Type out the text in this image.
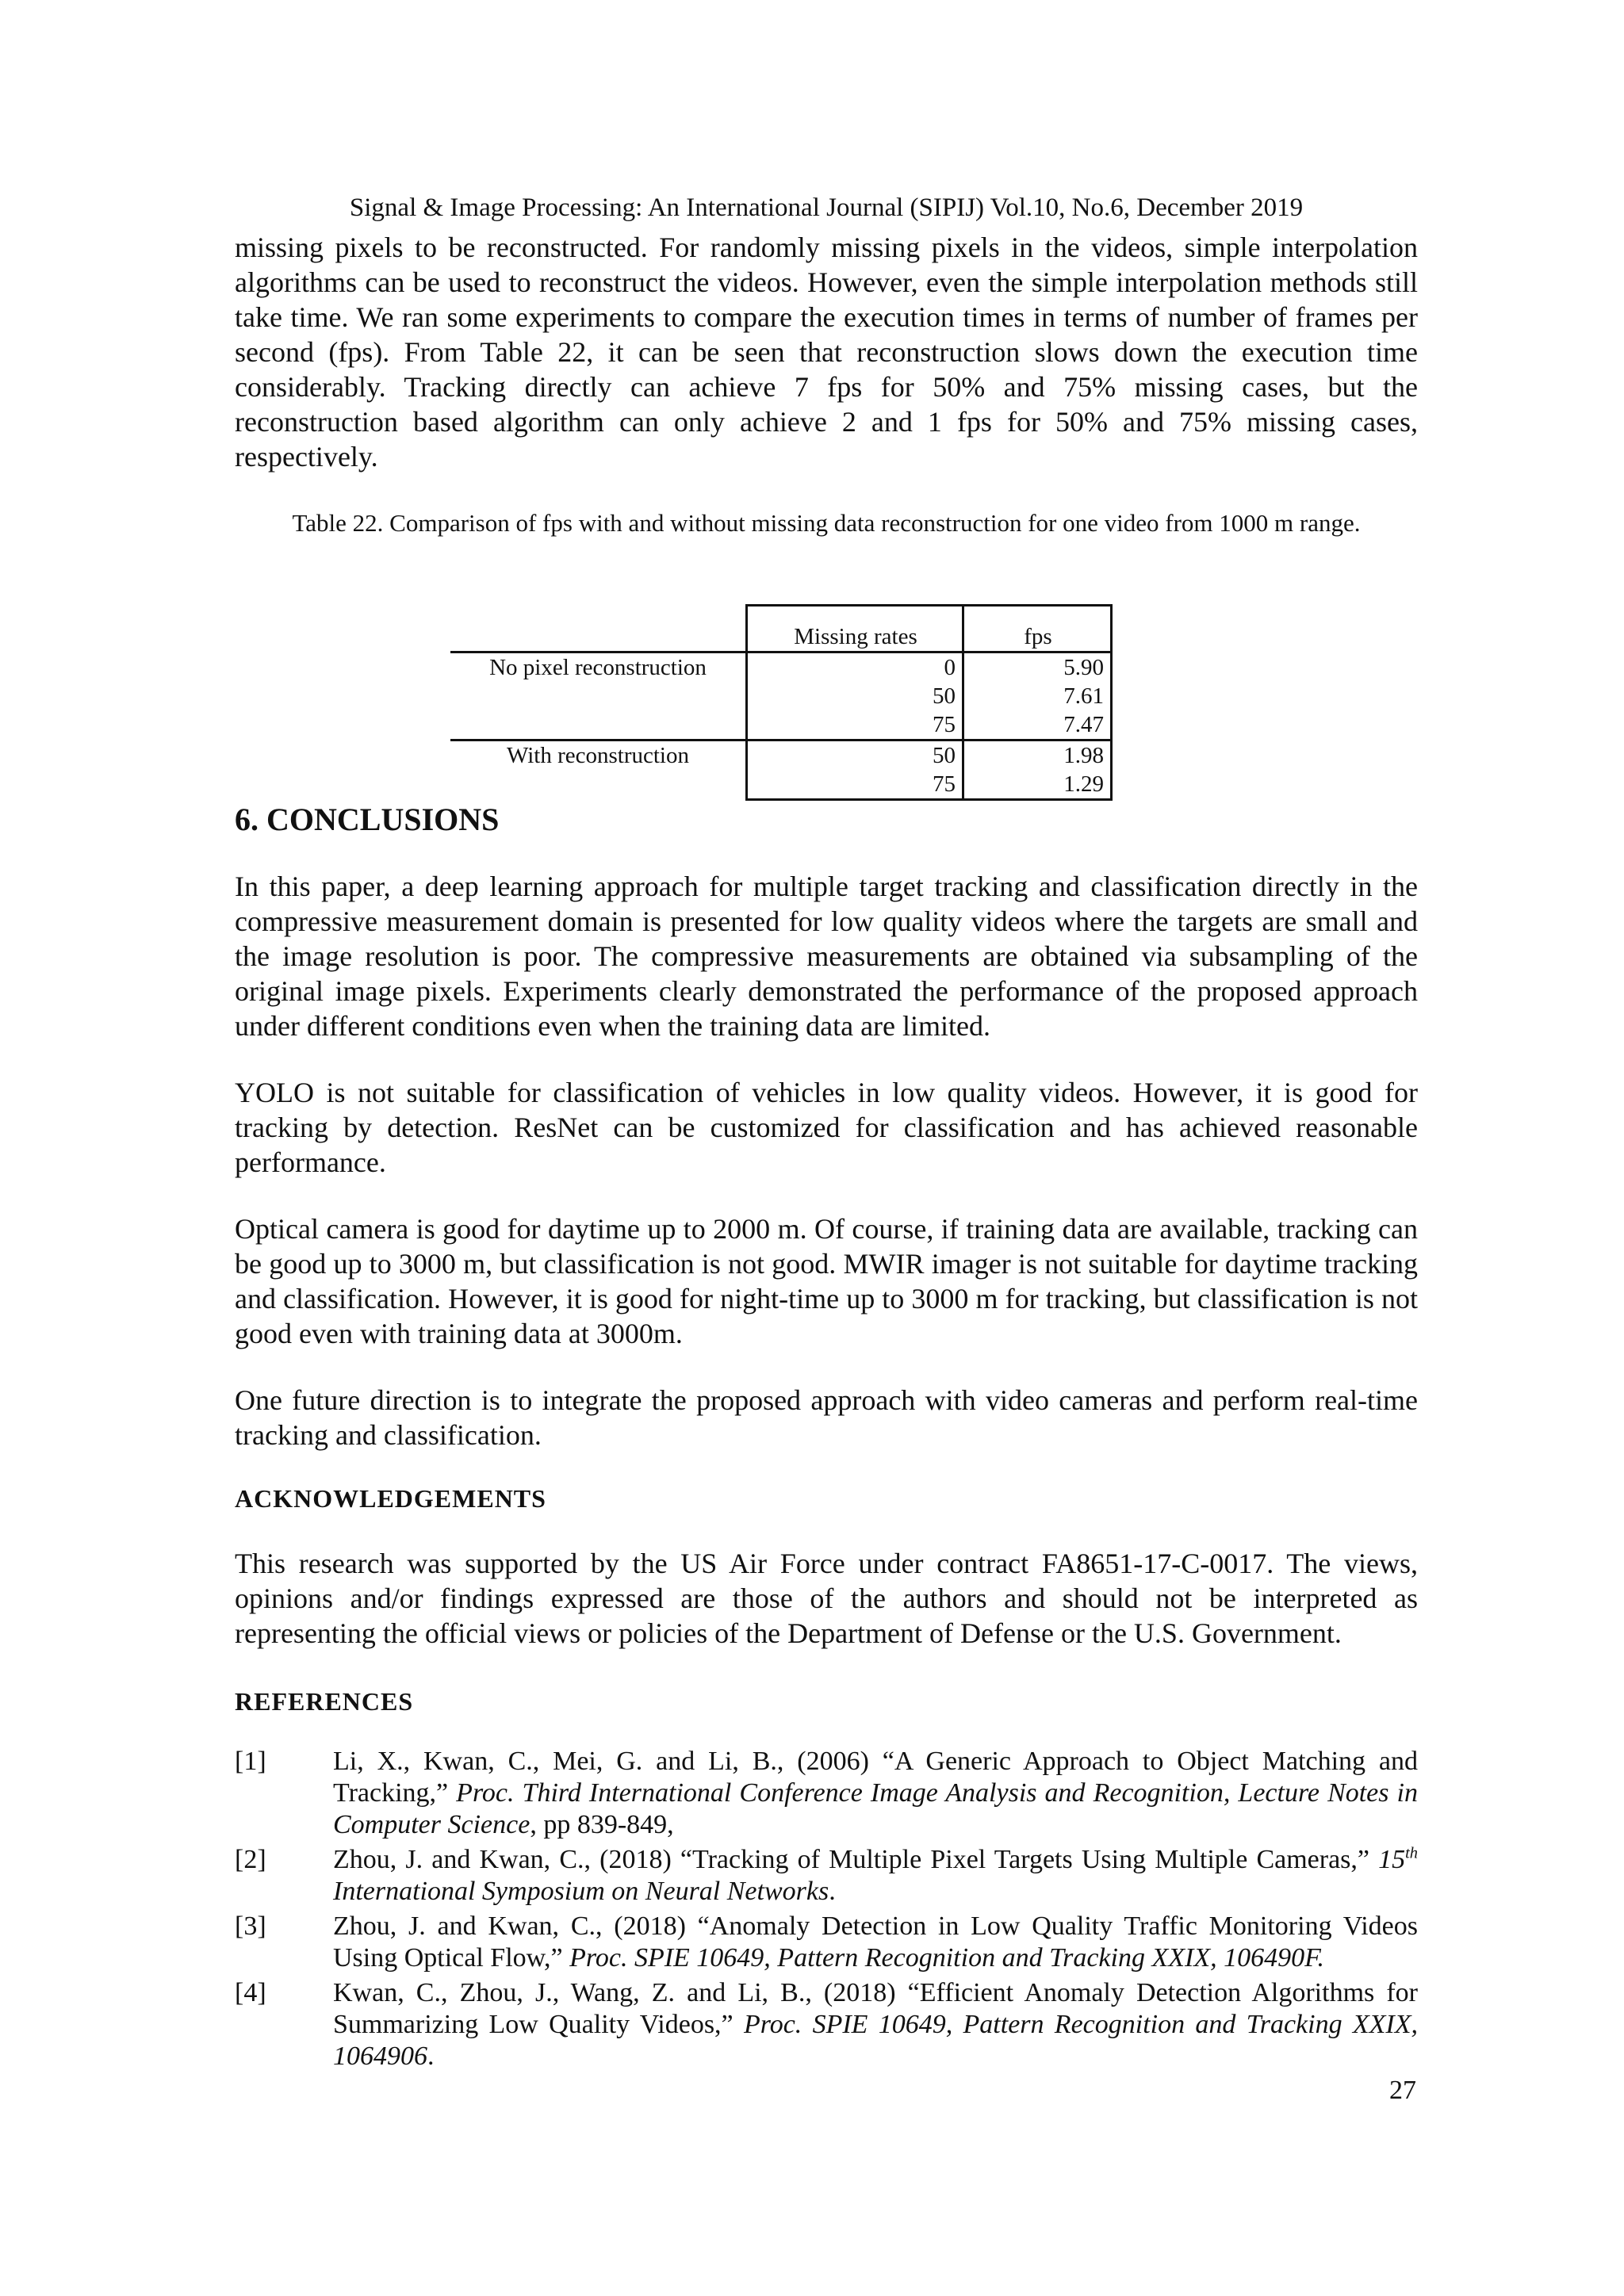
Signal & Image Processing: An International Journal (SIPIJ) Vol.10, No.6, December 2019

missing pixels to be reconstructed. For randomly missing pixels in the videos, simple interpolation algorithms can be used to reconstruct the videos. However, even the simple interpolation methods still take time. We ran some experiments to compare the execution times in terms of number of frames per second (fps). From Table 22, it can be seen that reconstruction slows down the execution time considerably. Tracking directly can achieve 7 fps for 50% and 75% missing cases, but the reconstruction based algorithm can only achieve 2 and 1 fps for 50% and 75% missing cases, respectively.

Table 22. Comparison of fps with and without missing data reconstruction for one video from 1000 m range.
	Missing rates	fps
No pixel reconstruction	0	5.90
	50	7.61
	75	7.47
With reconstruction	50	1.98
	75	1.29
6. CONCLUSIONS

In this paper, a deep learning approach for multiple target tracking and classification directly in the compressive measurement domain is presented for low quality videos where the targets are small and the image resolution is poor. The compressive measurements are obtained via subsampling of the original image pixels. Experiments clearly demonstrated the performance of the proposed approach under different conditions even when the training data are limited.

YOLO is not suitable for classification of vehicles in low quality videos. However, it is good for tracking by detection. ResNet can be customized for classification and has achieved reasonable performance.

Optical camera is good for daytime up to 2000 m. Of course, if training data are available, tracking can be good up to 3000 m, but classification is not good. MWIR imager is not suitable for daytime tracking and classification. However, it is good for night-time up to 3000 m for tracking, but classification is not good even with training data at 3000m.

One future direction is to integrate the proposed approach with video cameras and perform real-time tracking and classification.

ACKNOWLEDGEMENTS

This research was supported by the US Air Force under contract FA8651-17-C-0017. The views, opinions and/or findings expressed are those of the authors and should not be interpreted as representing the official views or policies of the Department of Defense or the U.S. Government.

REFERENCES
[1]	Li, X., Kwan, C., Mei, G. and Li, B., (2006) “A Generic Approach to Object Matching and Tracking,” Proc. Third International Conference Image Analysis and Recognition, Lecture Notes in Computer Science, pp 839-849,
[2]	Zhou, J. and Kwan, C., (2018) “Tracking of Multiple Pixel Targets Using Multiple Cameras,” 15th International Symposium on Neural Networks.
[3]	Zhou, J. and Kwan, C., (2018) “Anomaly Detection in Low Quality Traffic Monitoring Videos Using Optical Flow,” Proc. SPIE 10649, Pattern Recognition and Tracking XXIX, 106490F.
[4]	Kwan, C., Zhou, J., Wang, Z. and Li, B., (2018) “Efficient Anomaly Detection Algorithms for Summarizing Low Quality Videos,” Proc. SPIE 10649, Pattern Recognition and Tracking XXIX, 1064906.
27
